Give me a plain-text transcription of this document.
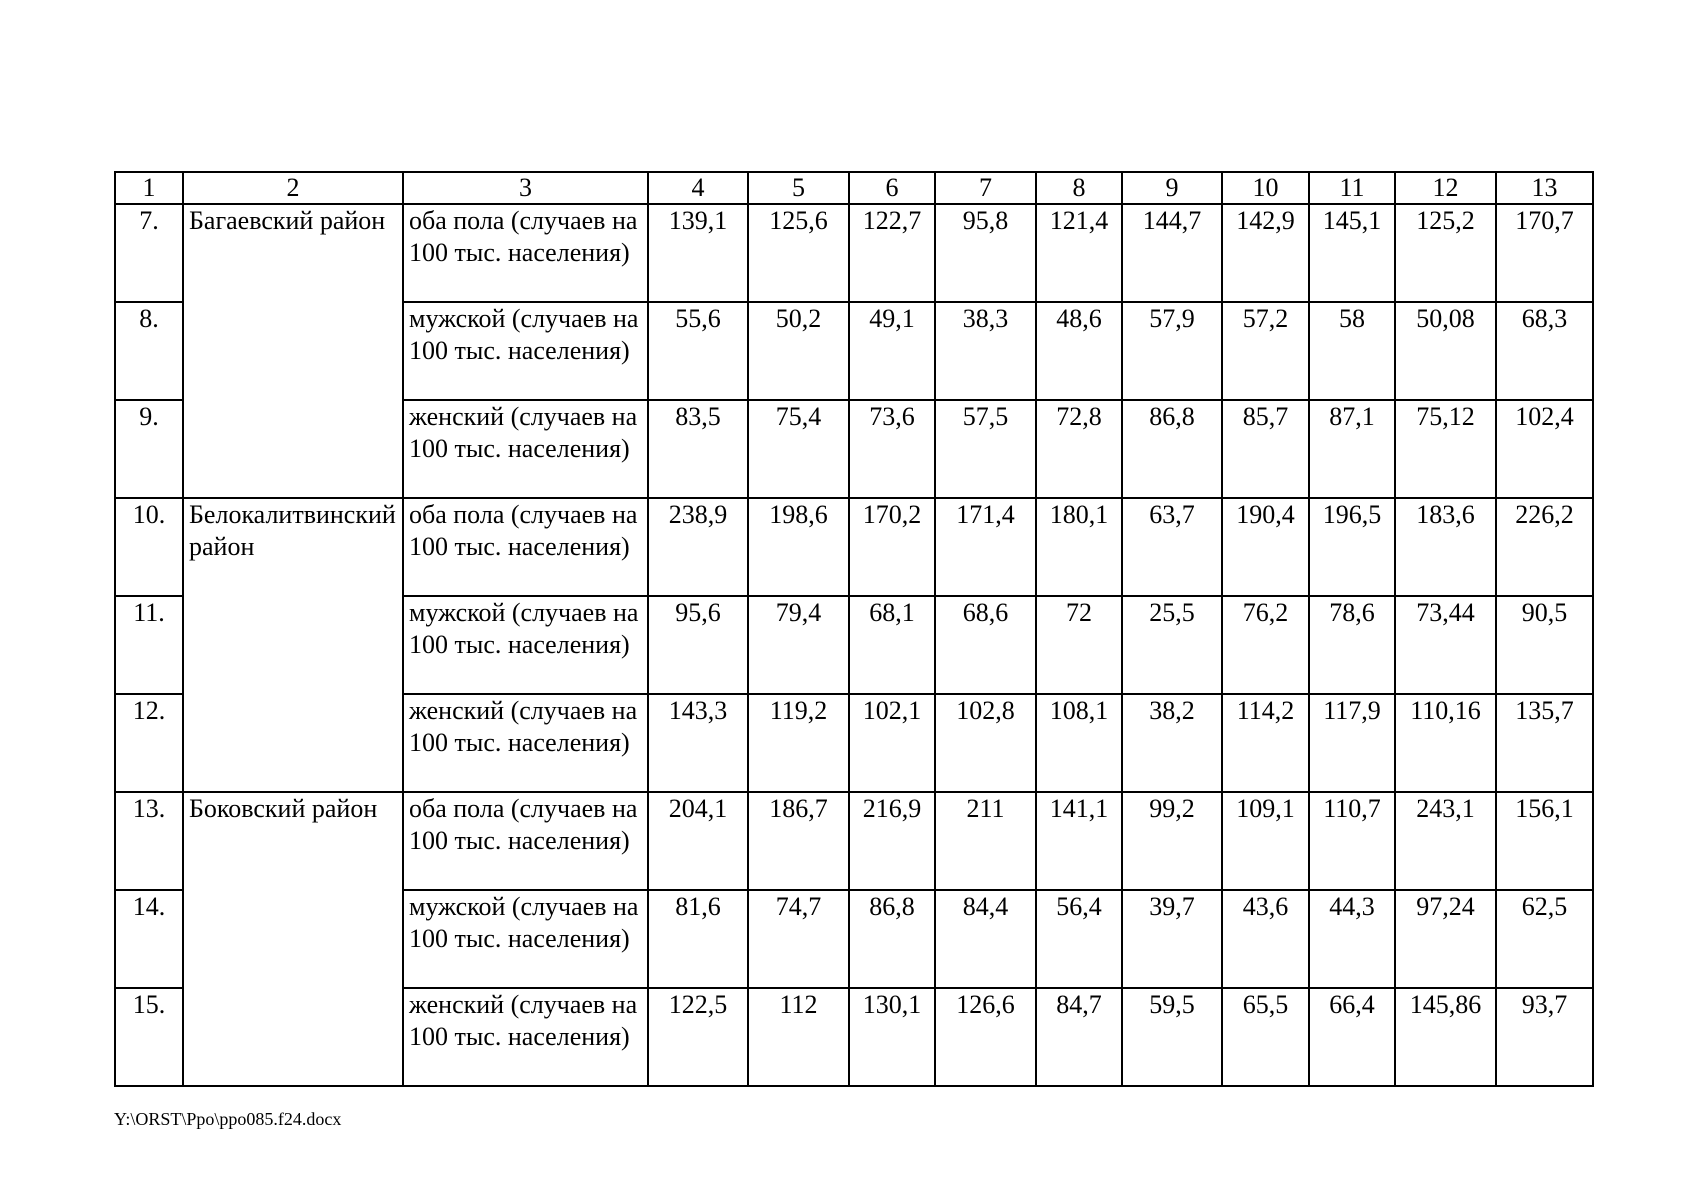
1	2	3	4	5	6	7	8	9	10	11	12	13
7.	Багаевский район	оба пола (случаев на 100 тыс. населения)	139,1	125,6	122,7	95,8	121,4	144,7	142,9	145,1	125,2	170,7
8.		мужской (случаев на 100 тыс. населения)	55,6	50,2	49,1	38,3	48,6	57,9	57,2	58	50,08	68,3
9.		женский (случаев на 100 тыс. населения)	83,5	75,4	73,6	57,5	72,8	86,8	85,7	87,1	75,12	102,4
10.	Белокалитвинский район	оба пола (случаев на 100 тыс. населения)	238,9	198,6	170,2	171,4	180,1	63,7	190,4	196,5	183,6	226,2
11.		мужской (случаев на 100 тыс. населения)	95,6	79,4	68,1	68,6	72	25,5	76,2	78,6	73,44	90,5
12.		женский (случаев на 100 тыс. населения)	143,3	119,2	102,1	102,8	108,1	38,2	114,2	117,9	110,16	135,7
13.	Боковский район	оба пола (случаев на 100 тыс. населения)	204,1	186,7	216,9	211	141,1	99,2	109,1	110,7	243,1	156,1
14.		мужской (случаев на 100 тыс. населения)	81,6	74,7	86,8	84,4	56,4	39,7	43,6	44,3	97,24	62,5
15.		женский (случаев на 100 тыс. населения)	122,5	112	130,1	126,6	84,7	59,5	65,5	66,4	145,86	93,7
Y:\ORST\Ppo\ppo085.f24.docx
